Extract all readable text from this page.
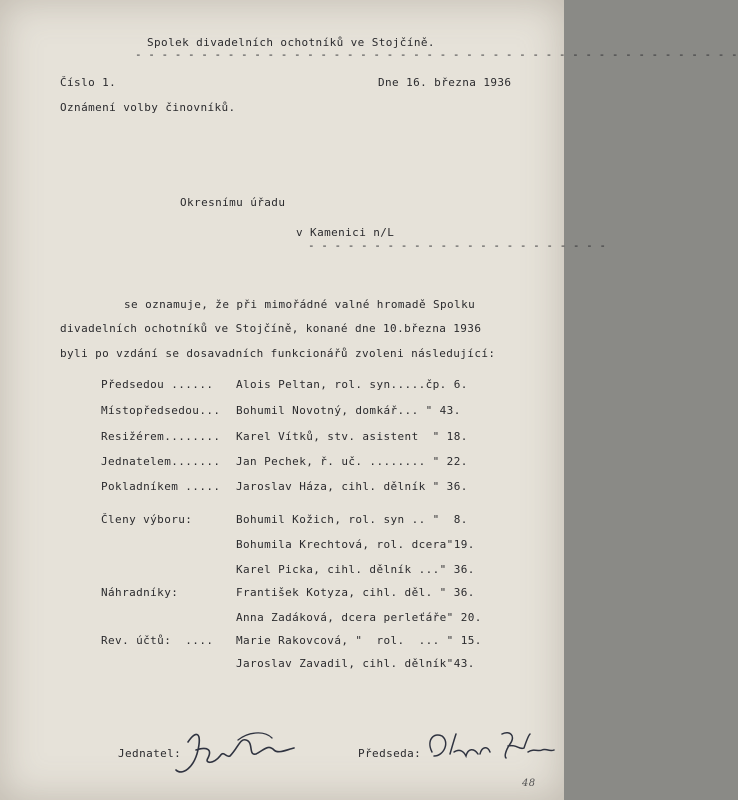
Spolek divadelních ochotníků ve Stojčíně.
- - - - - - - - - - - - - - - - - - - - - - - - - - - - - - - - - - - - - - - - - - - - - -
Číslo 1.	Dne 16. března 1936
Oznámení volby činovníků.
Okresnímu úřadu
v Kamenici n/L
- - - - - - - - - - - - - - - - - - - - - - -
se oznamuje, že při mimořádné valné hromadě Spolku
divadelních ochotníků ve Stojčíně, konané dne 10.března 1936
byli po vzdání se dosavadních funkcionářů zvoleni následující:
Předsedou ...... Alois Peltan, rol. syn.....čp. 6.
Místopředsedou... Bohumil Novotný, domkář... " 43.
Resižérem........ Karel Vítků, stv. asistent  " 18.
Jednatelem....... Jan Pechek, ř. uč. ........ " 22.
Pokladníkem ..... Jaroslav Háza, cihl. dělník " 36.
Členy výboru:	Bohumil Kožich, rol. syn .. "  8.
Bohumila Krechtová, rol. dcera"19.
Karel Picka, cihl. dělník ..." 36.
Náhradníky:	František Kotyza, cihl. děl. " 36.
Anna Zadáková, dcera perleťáře" 20.
Rev. účtů:  .... Marie Rakovcová, "  rol.  ... " 15.
Jaroslav Zavadil, cihl. dělník"43.
Jednatel:	Předseda:
48
